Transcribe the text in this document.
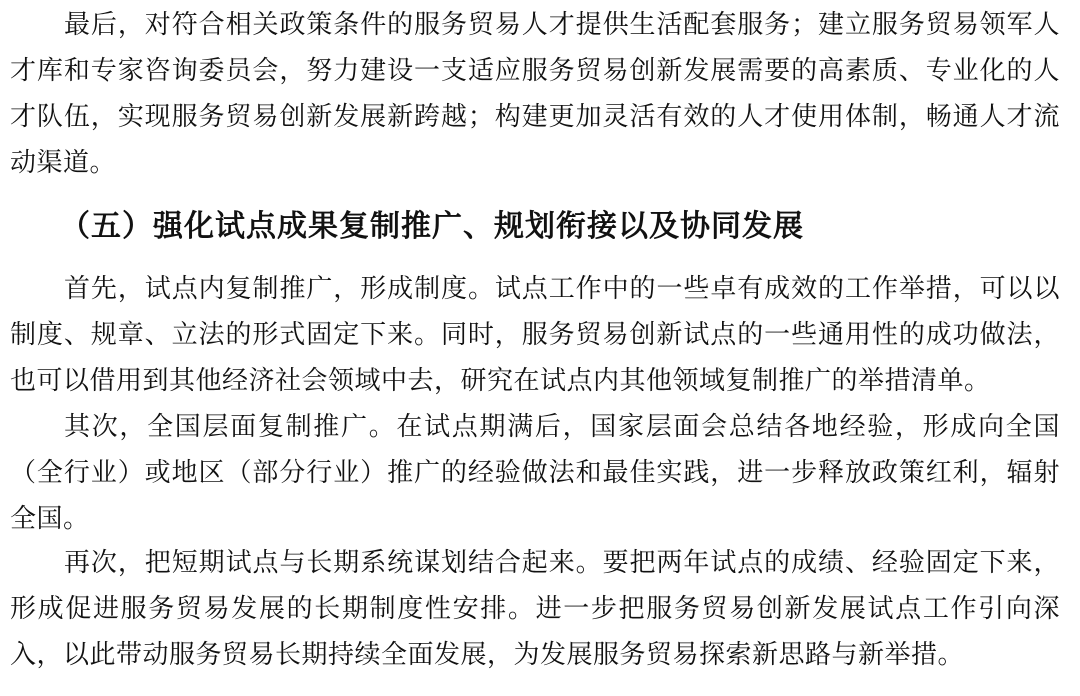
最后，对符合相关政策条件的服务贸易人才提供生活配套服务；建立服务贸易领军人才库和专家咨询委员会，努力建设一支适应服务贸易创新发展需要的高素质、专业化的人才队伍，实现服务贸易创新发展新跨越；构建更加灵活有效的人才使用体制，畅通人才流动渠道。

（五）强化试点成果复制推广、规划衔接以及协同发展

首先，试点内复制推广，形成制度。试点工作中的一些卓有成效的工作举措，可以以制度、规章、立法的形式固定下来。同时，服务贸易创新试点的一些通用性的成功做法，也可以借用到其他经济社会领域中去，研究在试点内其他领域复制推广的举措清单。

其次，全国层面复制推广。在试点期满后，国家层面会总结各地经验，形成向全国（全行业）或地区（部分行业）推广的经验做法和最佳实践，进一步释放政策红利，辐射全国。

再次，把短期试点与长期系统谋划结合起来。要把两年试点的成绩、经验固定下来，形成促进服务贸易发展的长期制度性安排。进一步把服务贸易创新发展试点工作引向深入，以此带动服务贸易长期持续全面发展，为发展服务贸易探索新思路与新举措。
